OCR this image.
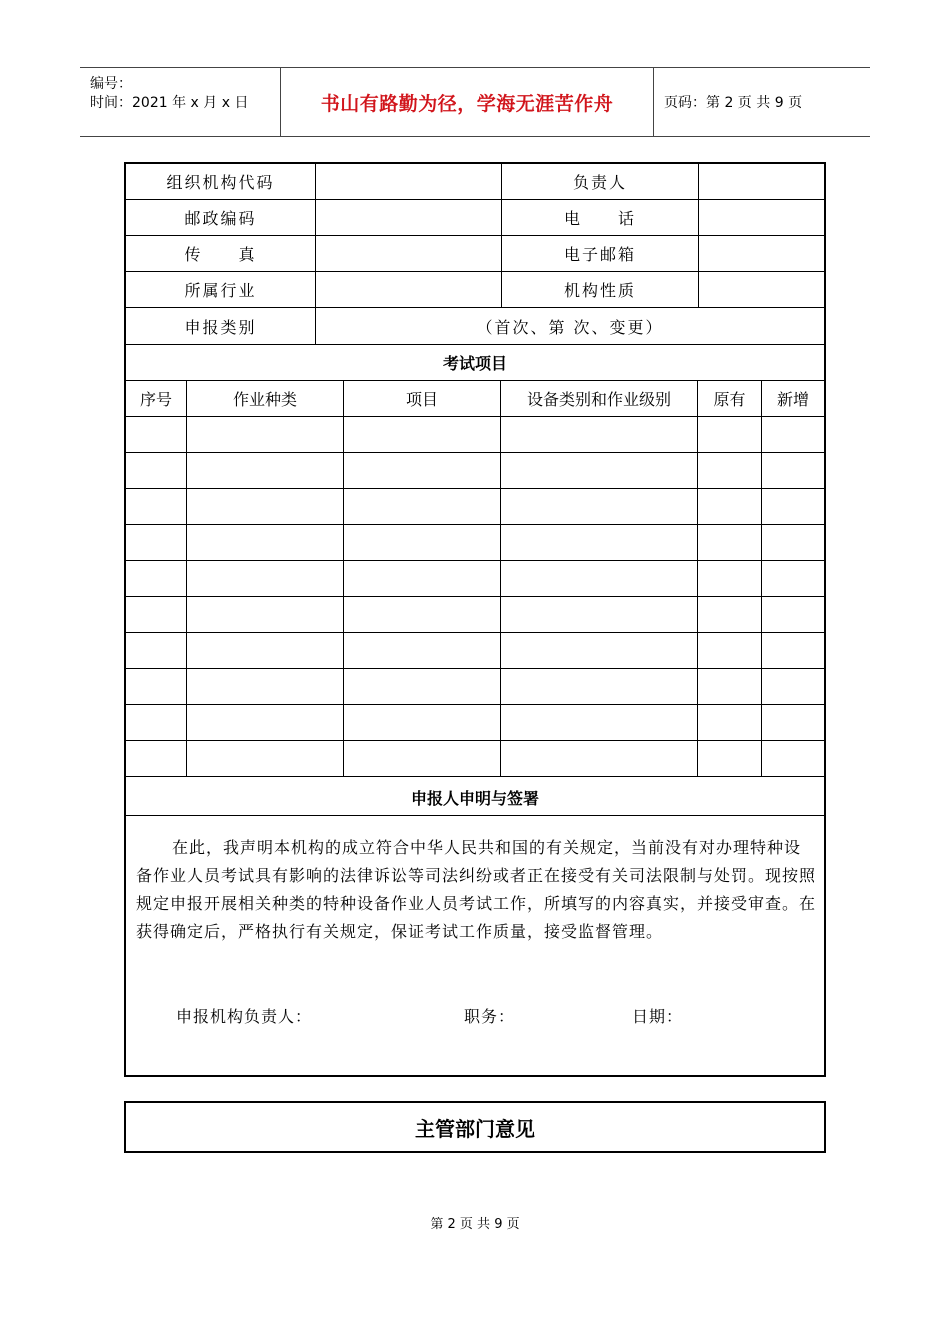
编号：
时间：2021 年 x 月 x 日	书山有路勤为径，学海无涯苦作舟	页码：第 2 页 共 9 页
组织机构代码	负责人
邮政编码	电　　话
传　　真	电子邮箱
所属行业	机构性质
申报类别	（首次、第 次、变更）
考试项目
申报人申明与签署
在此，我声明本机构的成立符合中华人民共和国的有关规定，当前没有对办理特种设备作业人员考试具有影响的法律诉讼等司法纠纷或者正在接受有关司法限制与处罚。现按照规定申报开展相关种类的特种设备作业人员考试工作，所填写的内容真实，并接受审查。在获得确定后，严格执行有关规定，保证考试工作质量，接受监督管理。
申报机构负责人：	职务：	日期：
序号	作业种类	项目	设备类别和作业级别	原有	新增
主管部门意见
第 2 页 共 9 页
